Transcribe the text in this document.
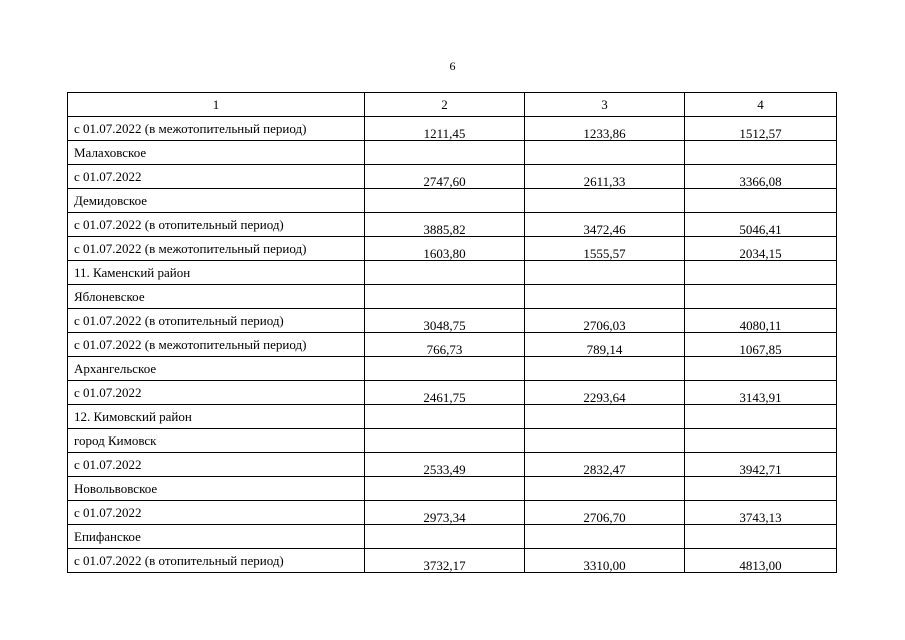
6
1	2	3	4
с 01.07.2022 (в межотопительный период)	1211,45	1233,86	1512,57
Малаховское			
с 01.07.2022	2747,60	2611,33	3366,08
Демидовское			
с 01.07.2022 (в отопительный период)	3885,82	3472,46	5046,41
с 01.07.2022 (в межотопительный период)	1603,80	1555,57	2034,15
11. Каменский район			
Яблоневское			
с 01.07.2022 (в отопительный период)	3048,75	2706,03	4080,11
с 01.07.2022 (в межотопительный период)	766,73	789,14	1067,85
Архангельское			
с 01.07.2022	2461,75	2293,64	3143,91
12. Кимовский район			
город Кимовск			
с 01.07.2022	2533,49	2832,47	3942,71
Новольвовское			
с 01.07.2022	2973,34	2706,70	3743,13
Епифанское			
с 01.07.2022 (в отопительный период)	3732,17	3310,00	4813,00
